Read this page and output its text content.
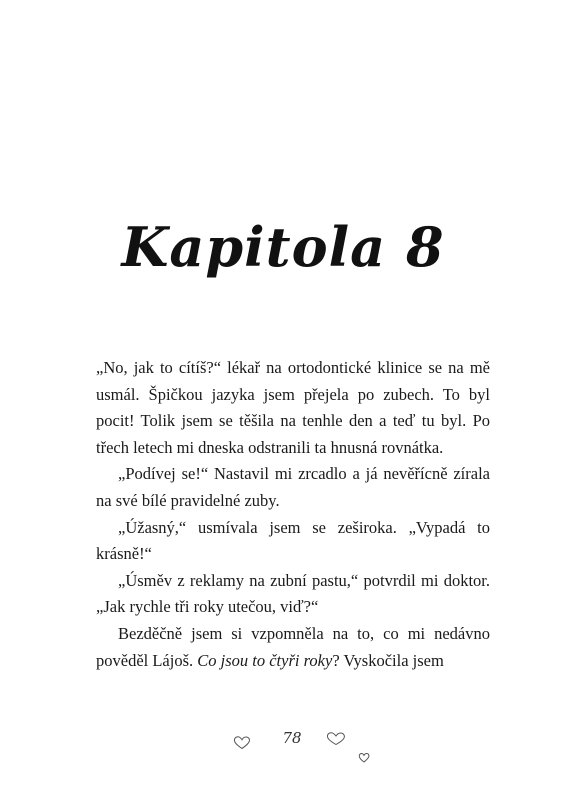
Kapitola 8

„No, jak to cítíš?“ lékař na ortodontické klinice se na mě usmál. Špičkou jazyka jsem přejela po zubech. To byl pocit! Tolik jsem se těšila na tenhle den a teď tu byl. Po třech letech mi dneska odstranili ta hnusná rovnátka.

„Podívej se!“ Nastavil mi zrcadlo a já nevěřícně zírala na své bílé pravidelné zuby.

„Úžasný,“ usmívala jsem se zeširoka. „Vypadá to krásně!“

„Úsměv z reklamy na zubní pastu,“ potvrdil mi doktor. „Jak rychle tři roky utečou, viď?“

Bezděčně jsem si vzpomněla na to, co mi nedávno pověděl Lájoš. Co jsou to čtyři roky? Vyskočila jsem

78
